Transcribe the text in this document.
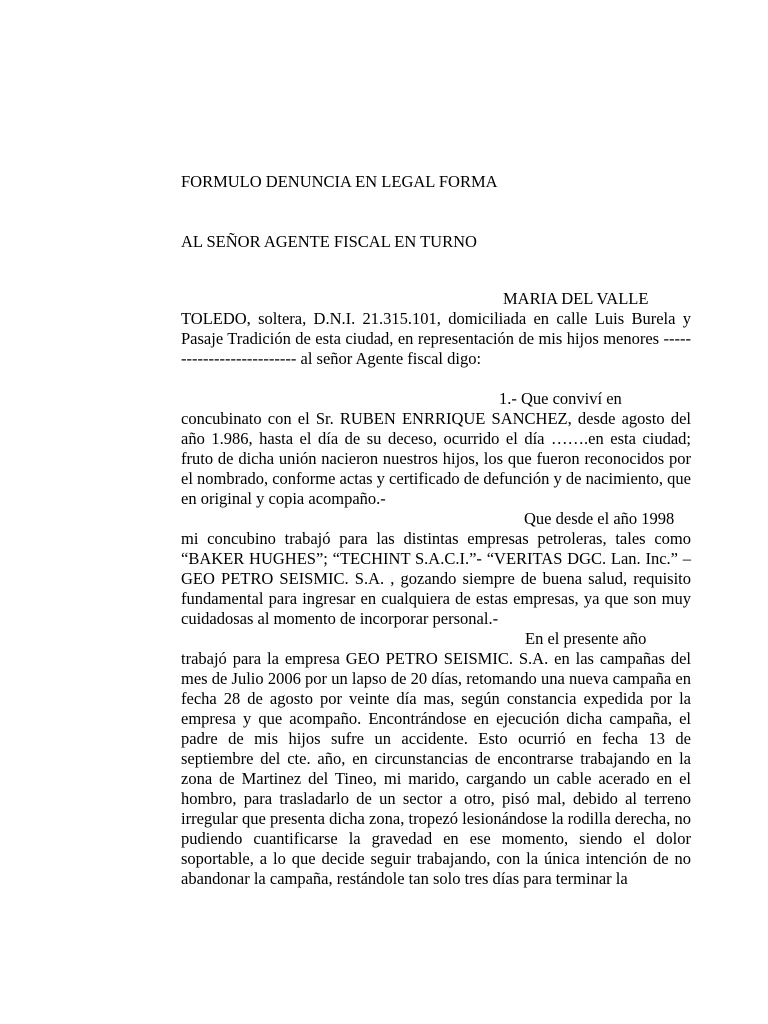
FORMULO DENUNCIA EN LEGAL FORMA
AL SEÑOR AGENTE FISCAL EN TURNO
MARIA DEL VALLE

TOLEDO, soltera, D.N.I. 21.315.101, domiciliada en calle Luis Burela y Pasaje Tradición de esta ciudad, en representación de mis hijos menores -------------------------- al señor Agente fiscal digo:

1.- Que conviví en

concubinato con el Sr. RUBEN ENRRIQUE SANCHEZ, desde agosto del año 1.986, hasta el día de su deceso, ocurrido el día …….en esta ciudad; fruto de dicha unión nacieron nuestros hijos, los que fueron reconocidos por el nombrado, conforme actas y certificado de defunción y de nacimiento, que en original y copia acompaño.-

Que desde el año 1998

mi concubino trabajó para las distintas empresas petroleras, tales como “BAKER HUGHES”; “TECHINT S.A.C.I.”- “VERITAS DGC. Lan. Inc.” – GEO PETRO SEISMIC. S.A. , gozando siempre de buena salud, requisito fundamental para ingresar en cualquiera de estas empresas, ya que son muy cuidadosas al momento de incorporar personal.-

En el presente año

trabajó para la empresa GEO PETRO SEISMIC. S.A. en las campañas del mes de Julio 2006 por un lapso de 20 días, retomando una nueva campaña en fecha 28 de agosto por veinte día mas, según constancia expedida por la empresa y que acompaño. Encontrándose en ejecución dicha campaña, el padre de mis hijos sufre un accidente. Esto ocurrió en fecha 13 de septiembre del cte. año, en circunstancias de encontrarse trabajando en la zona de Martinez del Tineo, mi marido, cargando un cable acerado en el hombro, para trasladarlo de un sector a otro, pisó mal, debido al terreno irregular que presenta dicha zona, tropezó lesionándose la rodilla derecha, no pudiendo cuantificarse la gravedad en ese momento, siendo el dolor soportable, a lo que decide seguir trabajando, con la única intención de no abandonar la campaña, restándole tan solo tres días para terminar la
